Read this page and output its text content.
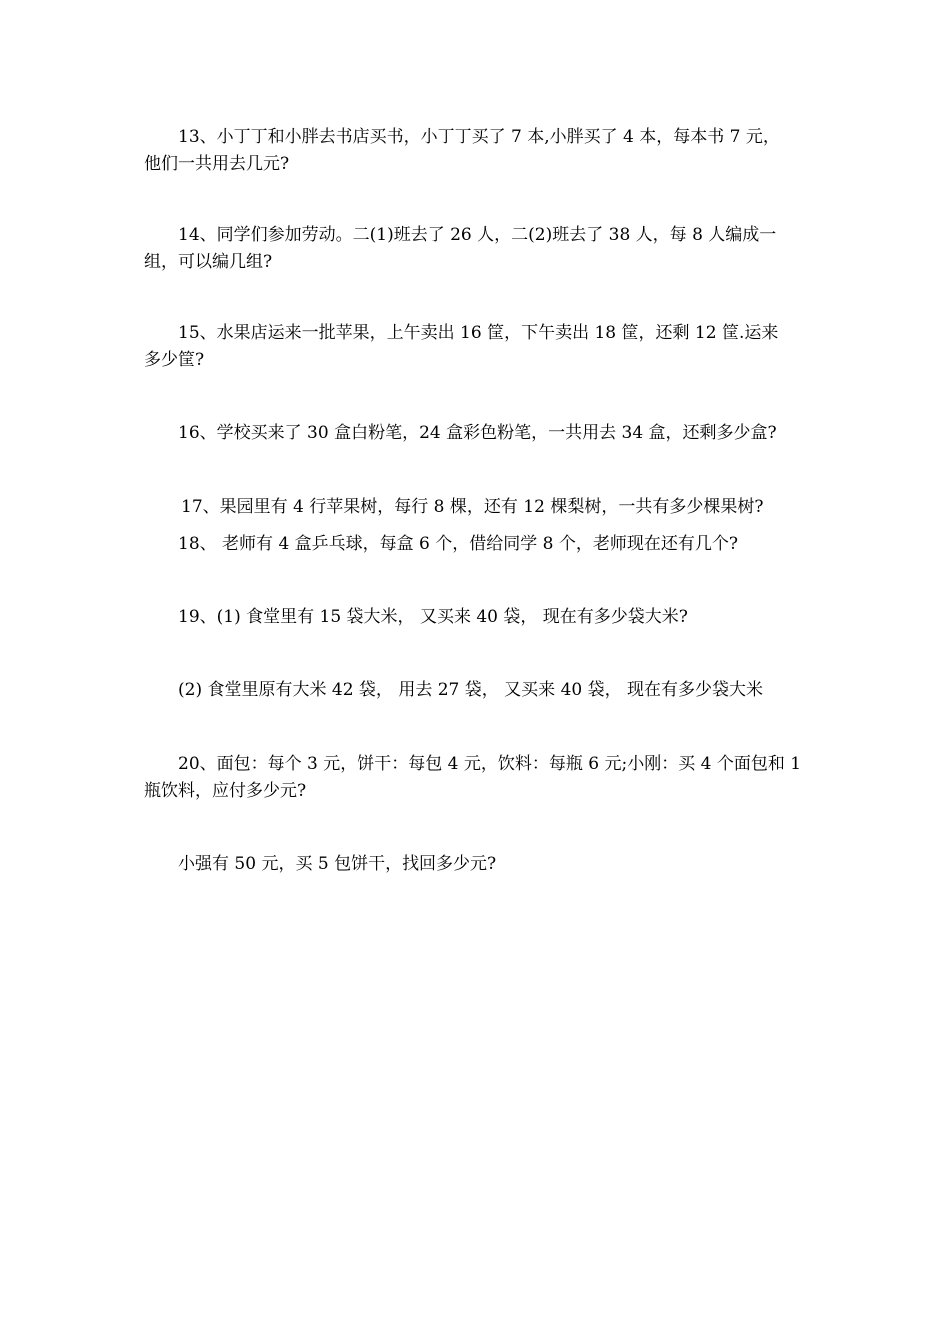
13、小丁丁和小胖去书店买书，小丁丁买了 7 本,小胖买了 4 本，每本书 7 元，
他们一共用去几元?
14、同学们参加劳动。二(1)班去了 26 人，二(2)班去了 38 人，每 8 人编成一
组，可以编几组?
15、水果店运来一批苹果，上午卖出 16 筐，下午卖出 18 筐，还剩 12 筐.运来
多少筐?
16、学校买来了 30 盒白粉笔，24 盒彩色粉笔，一共用去 34 盒，还剩多少盒?
17、果园里有 4 行苹果树，每行 8 棵，还有 12 棵梨树，一共有多少棵果树?
18、 老师有 4 盒乒乓球，每盒 6 个，借给同学 8 个，老师现在还有几个?
19、(1) 食堂里有 15 袋大米， 又买来 40 袋， 现在有多少袋大米?
(2) 食堂里原有大米 42 袋， 用去 27 袋， 又买来 40 袋， 现在有多少袋大米
20、面包：每个 3 元，饼干：每包 4 元，饮料：每瓶 6 元;小刚：买 4 个面包和 1
瓶饮料，应付多少元?
小强有 50 元，买 5 包饼干，找回多少元?
